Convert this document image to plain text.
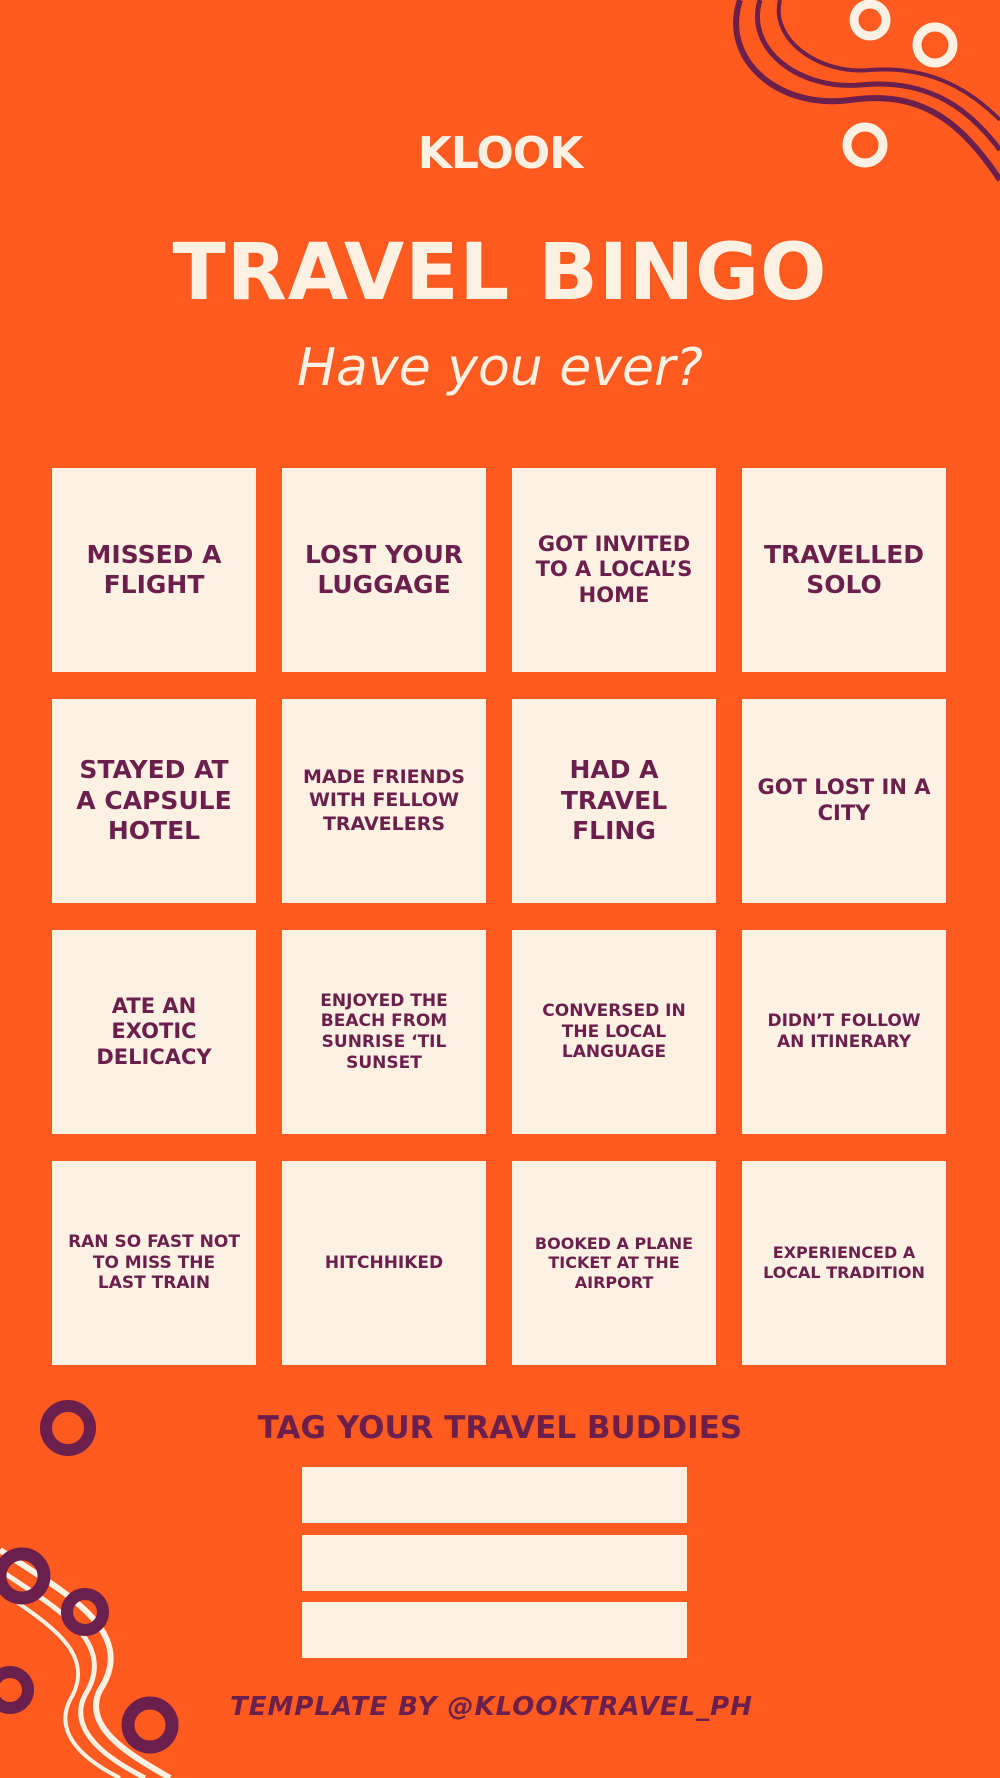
KLOOK
TRAVEL BINGO
Have you ever?
MISSED A FLIGHT
LOST YOUR LUGGAGE
GOT INVITED TO A LOCAL’S HOME
TRAVELLED SOLO
STAYED AT A CAPSULE HOTEL
MADE FRIENDS WITH FELLOW TRAVELERS
HAD A TRAVEL FLING
GOT LOST IN A CITY
ATE AN EXOTIC DELICACY
ENJOYED THE BEACH FROM SUNRISE ‘TIL SUNSET
CONVERSED IN THE LOCAL LANGUAGE
DIDN’T FOLLOW AN ITINERARY
RAN SO FAST NOT TO MISS THE LAST TRAIN
HITCHHIKED
BOOKED A PLANE TICKET AT THE AIRPORT
EXPERIENCED A LOCAL TRADITION
TAG YOUR TRAVEL BUDDIES
TEMPLATE BY @KLOOKTRAVEL_PH
